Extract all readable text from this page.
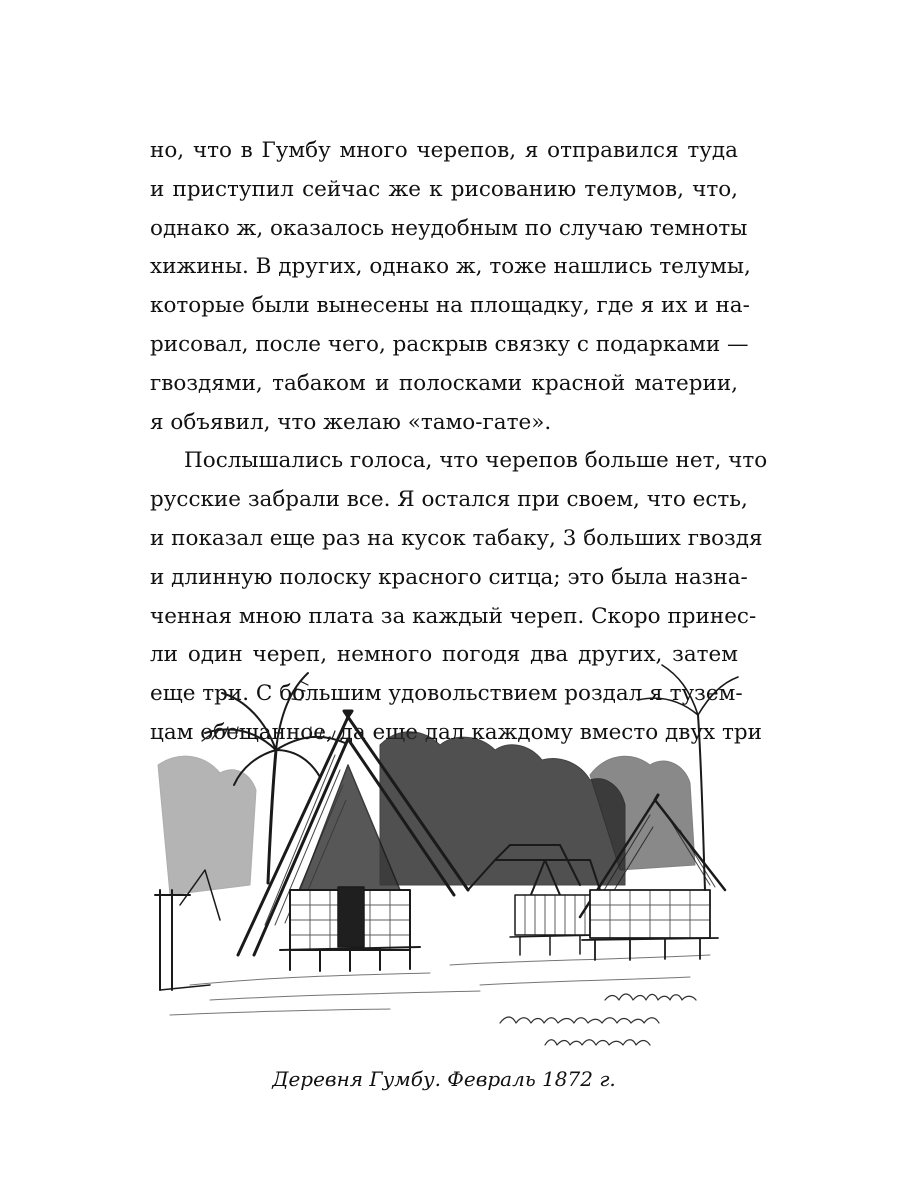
но, что в Гумбу много черепов, я отправился туда
и приступил сейчас же к рисованию телумов, что,
однако ж, оказалось неудобным по случаю темноты
хижины. В других, однако ж, тоже нашлись телумы,
которые были вынесены на площадку, где я их и на-
рисовал, после чего, раскрыв связку с подарками —
гвоздями, табаком и полосками красной материи,
я объявил, что желаю «тамо-гате».
Послышались голоса, что черепов больше нет, что
русские забрали все. Я остался при своем, что есть,
и показал еще раз на кусок табаку, 3 больших гвоздя
и длинную полоску красного ситца; это была назна-
ченная мною плата за каждый череп. Скоро принес-
ли один череп, немного погодя два других, затем
еще три. С большим удовольствием роздал я тузем-
цам обещанное, да еще дал каждому вместо двух три
Деревня Гумбу. Февраль 1872 г.
